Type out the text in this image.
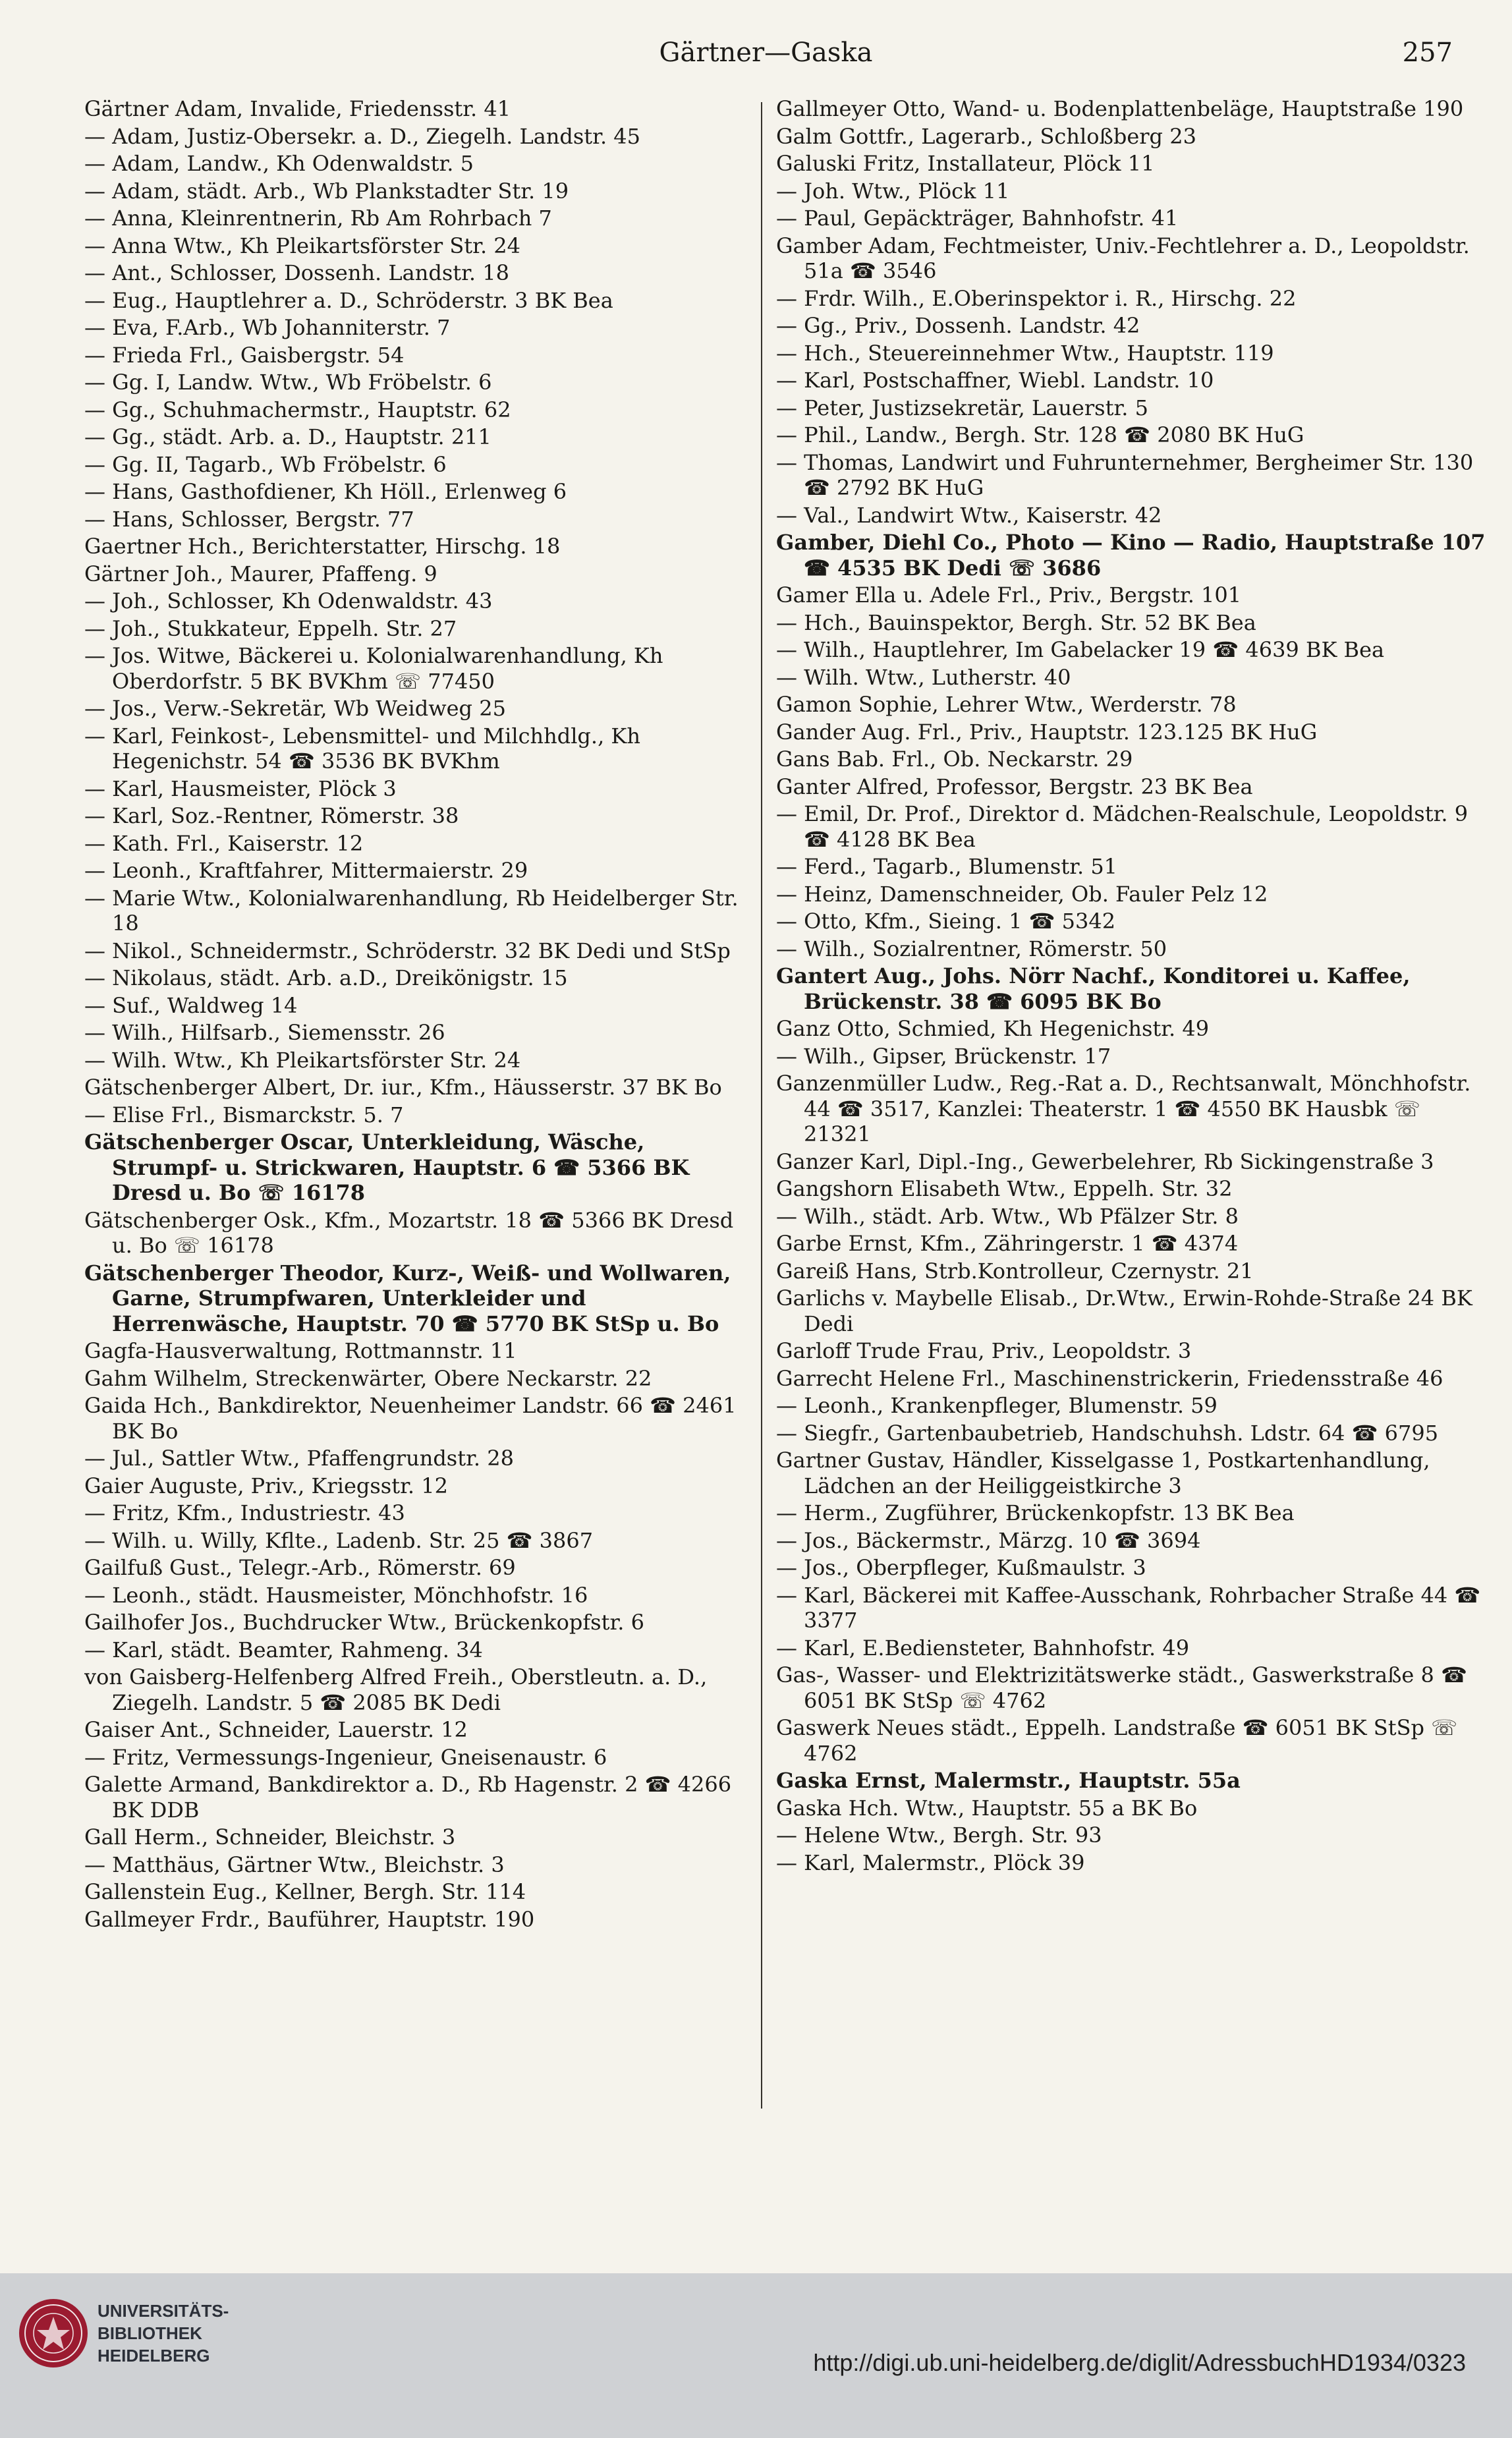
Gärtner—Gaska	257

Gärtner Adam, Invalide, Friedensstr. 41

— Adam, Justiz-Obersekr. a. D., Ziegelh. Landstr. 45

— Adam, Landw., Kh Odenwaldstr. 5

— Adam, städt. Arb., Wb Plankstadter Str. 19

— Anna, Kleinrentnerin, Rb Am Rohrbach 7

— Anna Wtw., Kh Pleikartsförster Str. 24

— Ant., Schlosser, Dossenh. Landstr. 18

— Eug., Hauptlehrer a. D., Schröderstr. 3 BK Bea

— Eva, F.Arb., Wb Johanniterstr. 7

— Frieda Frl., Gaisbergstr. 54

— Gg. I, Landw. Wtw., Wb Fröbelstr. 6

— Gg., Schuhmachermstr., Hauptstr. 62

— Gg., städt. Arb. a. D., Hauptstr. 211

— Gg. II, Tagarb., Wb Fröbelstr. 6

— Hans, Gasthofdiener, Kh Höll., Erlenweg 6

— Hans, Schlosser, Bergstr. 77

Gaertner Hch., Berichterstatter, Hirschg. 18

Gärtner Joh., Maurer, Pfaffeng. 9

— Joh., Schlosser, Kh Odenwaldstr. 43

— Joh., Stukkateur, Eppelh. Str. 27

— Jos. Witwe, Bäckerei u. Kolonialwarenhandlung, Kh Oberdorfstr. 5 BK BVKhm ☏ 77450

— Jos., Verw.-Sekretär, Wb Weidweg 25

— Karl, Feinkost-, Lebensmittel- und Milchhdlg., Kh Hegenichstr. 54 ☎ 3536 BK BVKhm

— Karl, Hausmeister, Plöck 3

— Karl, Soz.-Rentner, Römerstr. 38

— Kath. Frl., Kaiserstr. 12

— Leonh., Kraftfahrer, Mittermaierstr. 29

— Marie Wtw., Kolonialwarenhandlung, Rb Heidelberger Str. 18

— Nikol., Schneidermstr., Schröderstr. 32 BK Dedi und StSp

— Nikolaus, städt. Arb. a.D., Dreikönigstr. 15

— Suf., Waldweg 14

— Wilh., Hilfsarb., Siemensstr. 26

— Wilh. Wtw., Kh Pleikartsförster Str. 24

Gätschenberger Albert, Dr. iur., Kfm., Häusserstr. 37 BK Bo

— Elise Frl., Bismarckstr. 5. 7

Gätschenberger Oscar, Unterkleidung, Wäsche, Strumpf- u. Strickwaren, Hauptstr. 6 ☎ 5366 BK Dresd u. Bo ☏ 16178

Gätschenberger Osk., Kfm., Mozartstr. 18 ☎ 5366 BK Dresd u. Bo ☏ 16178

Gätschenberger Theodor, Kurz-, Weiß- und Wollwaren, Garne, Strumpfwaren, Unterkleider und Herrenwäsche, Hauptstr. 70 ☎ 5770 BK StSp u. Bo

Gagfa-Hausverwaltung, Rottmannstr. 11

Gahm Wilhelm, Streckenwärter, Obere Neckarstr. 22

Gaida Hch., Bankdirektor, Neuenheimer Landstr. 66 ☎ 2461 BK Bo

— Jul., Sattler Wtw., Pfaffengrundstr. 28

Gaier Auguste, Priv., Kriegsstr. 12

— Fritz, Kfm., Industriestr. 43

— Wilh. u. Willy, Kflte., Ladenb. Str. 25 ☎ 3867

Gailfuß Gust., Telegr.-Arb., Römerstr. 69

— Leonh., städt. Hausmeister, Mönchhofstr. 16

Gailhofer Jos., Buchdrucker Wtw., Brückenkopfstr. 6

— Karl, städt. Beamter, Rahmeng. 34

von Gaisberg-Helfenberg Alfred Freih., Oberstleutn. a. D., Ziegelh. Landstr. 5 ☎ 2085 BK Dedi

Gaiser Ant., Schneider, Lauerstr. 12

— Fritz, Vermessungs-Ingenieur, Gneisenaustr. 6

Galette Armand, Bankdirektor a. D., Rb Hagenstr. 2 ☎ 4266 BK DDB

Gall Herm., Schneider, Bleichstr. 3

— Matthäus, Gärtner Wtw., Bleichstr. 3

Gallenstein Eug., Kellner, Bergh. Str. 114

Gallmeyer Frdr., Bauführer, Hauptstr. 190

Gallmeyer Otto, Wand- u. Bodenplattenbeläge, Hauptstraße 190

Galm Gottfr., Lagerarb., Schloßberg 23

Galuski Fritz, Installateur, Plöck 11

— Joh. Wtw., Plöck 11

— Paul, Gepäckträger, Bahnhofstr. 41

Gamber Adam, Fechtmeister, Univ.-Fechtlehrer a. D., Leopoldstr. 51a ☎ 3546

— Frdr. Wilh., E.Oberinspektor i. R., Hirschg. 22

— Gg., Priv., Dossenh. Landstr. 42

— Hch., Steuereinnehmer Wtw., Hauptstr. 119

— Karl, Postschaffner, Wiebl. Landstr. 10

— Peter, Justizsekretär, Lauerstr. 5

— Phil., Landw., Bergh. Str. 128 ☎ 2080 BK HuG

— Thomas, Landwirt und Fuhrunternehmer, Bergheimer Str. 130 ☎ 2792 BK HuG

— Val., Landwirt Wtw., Kaiserstr. 42

Gamber, Diehl Co., Photo — Kino — Radio, Hauptstraße 107 ☎ 4535 BK Dedi ☏ 3686

Gamer Ella u. Adele Frl., Priv., Bergstr. 101

— Hch., Bauinspektor, Bergh. Str. 52 BK Bea

— Wilh., Hauptlehrer, Im Gabelacker 19 ☎ 4639 BK Bea

— Wilh. Wtw., Lutherstr. 40

Gamon Sophie, Lehrer Wtw., Werderstr. 78

Gander Aug. Frl., Priv., Hauptstr. 123.125 BK HuG

Gans Bab. Frl., Ob. Neckarstr. 29

Ganter Alfred, Professor, Bergstr. 23 BK Bea

— Emil, Dr. Prof., Direktor d. Mädchen-Realschule, Leopoldstr. 9 ☎ 4128 BK Bea

— Ferd., Tagarb., Blumenstr. 51

— Heinz, Damenschneider, Ob. Fauler Pelz 12

— Otto, Kfm., Sieing. 1 ☎ 5342

— Wilh., Sozialrentner, Römerstr. 50

Gantert Aug., Johs. Nörr Nachf., Konditorei u. Kaffee, Brückenstr. 38 ☎ 6095 BK Bo

Ganz Otto, Schmied, Kh Hegenichstr. 49

— Wilh., Gipser, Brückenstr. 17

Ganzenmüller Ludw., Reg.-Rat a. D., Rechtsanwalt, Mönchhofstr. 44 ☎ 3517, Kanzlei: Theaterstr. 1 ☎ 4550 BK Hausbk ☏ 21321

Ganzer Karl, Dipl.-Ing., Gewerbelehrer, Rb Sickingenstraße 3

Gangshorn Elisabeth Wtw., Eppelh. Str. 32

— Wilh., städt. Arb. Wtw., Wb Pfälzer Str. 8

Garbe Ernst, Kfm., Zähringerstr. 1 ☎ 4374

Gareiß Hans, Strb.Kontrolleur, Czernystr. 21

Garlichs v. Maybelle Elisab., Dr.Wtw., Erwin-Rohde-Straße 24 BK Dedi

Garloff Trude Frau, Priv., Leopoldstr. 3

Garrecht Helene Frl., Maschinenstrickerin, Friedensstraße 46

— Leonh., Krankenpfleger, Blumenstr. 59

— Siegfr., Gartenbaubetrieb, Handschuhsh. Ldstr. 64 ☎ 6795

Gartner Gustav, Händler, Kisselgasse 1, Postkartenhandlung, Lädchen an der Heiliggeistkirche 3

— Herm., Zugführer, Brückenkopfstr. 13 BK Bea

— Jos., Bäckermstr., Märzg. 10 ☎ 3694

— Jos., Oberpfleger, Kußmaulstr. 3

— Karl, Bäckerei mit Kaffee-Ausschank, Rohrbacher Straße 44 ☎ 3377

— Karl, E.Bediensteter, Bahnhofstr. 49

Gas-, Wasser- und Elektrizitätswerke städt., Gaswerkstraße 8 ☎ 6051 BK StSp ☏ 4762

Gaswerk Neues städt., Eppelh. Landstraße ☎ 6051 BK StSp ☏ 4762

Gaska Ernst, Malermstr., Hauptstr. 55a

Gaska Hch. Wtw., Hauptstr. 55 a BK Bo

— Helene Wtw., Bergh. Str. 93

— Karl, Malermstr., Plöck 39

UNIVERSITÄTS-
BIBLIOTHEK
HEIDELBERG	http://digi.ub.uni-heidelberg.de/diglit/AdressbuchHD1934/0323
